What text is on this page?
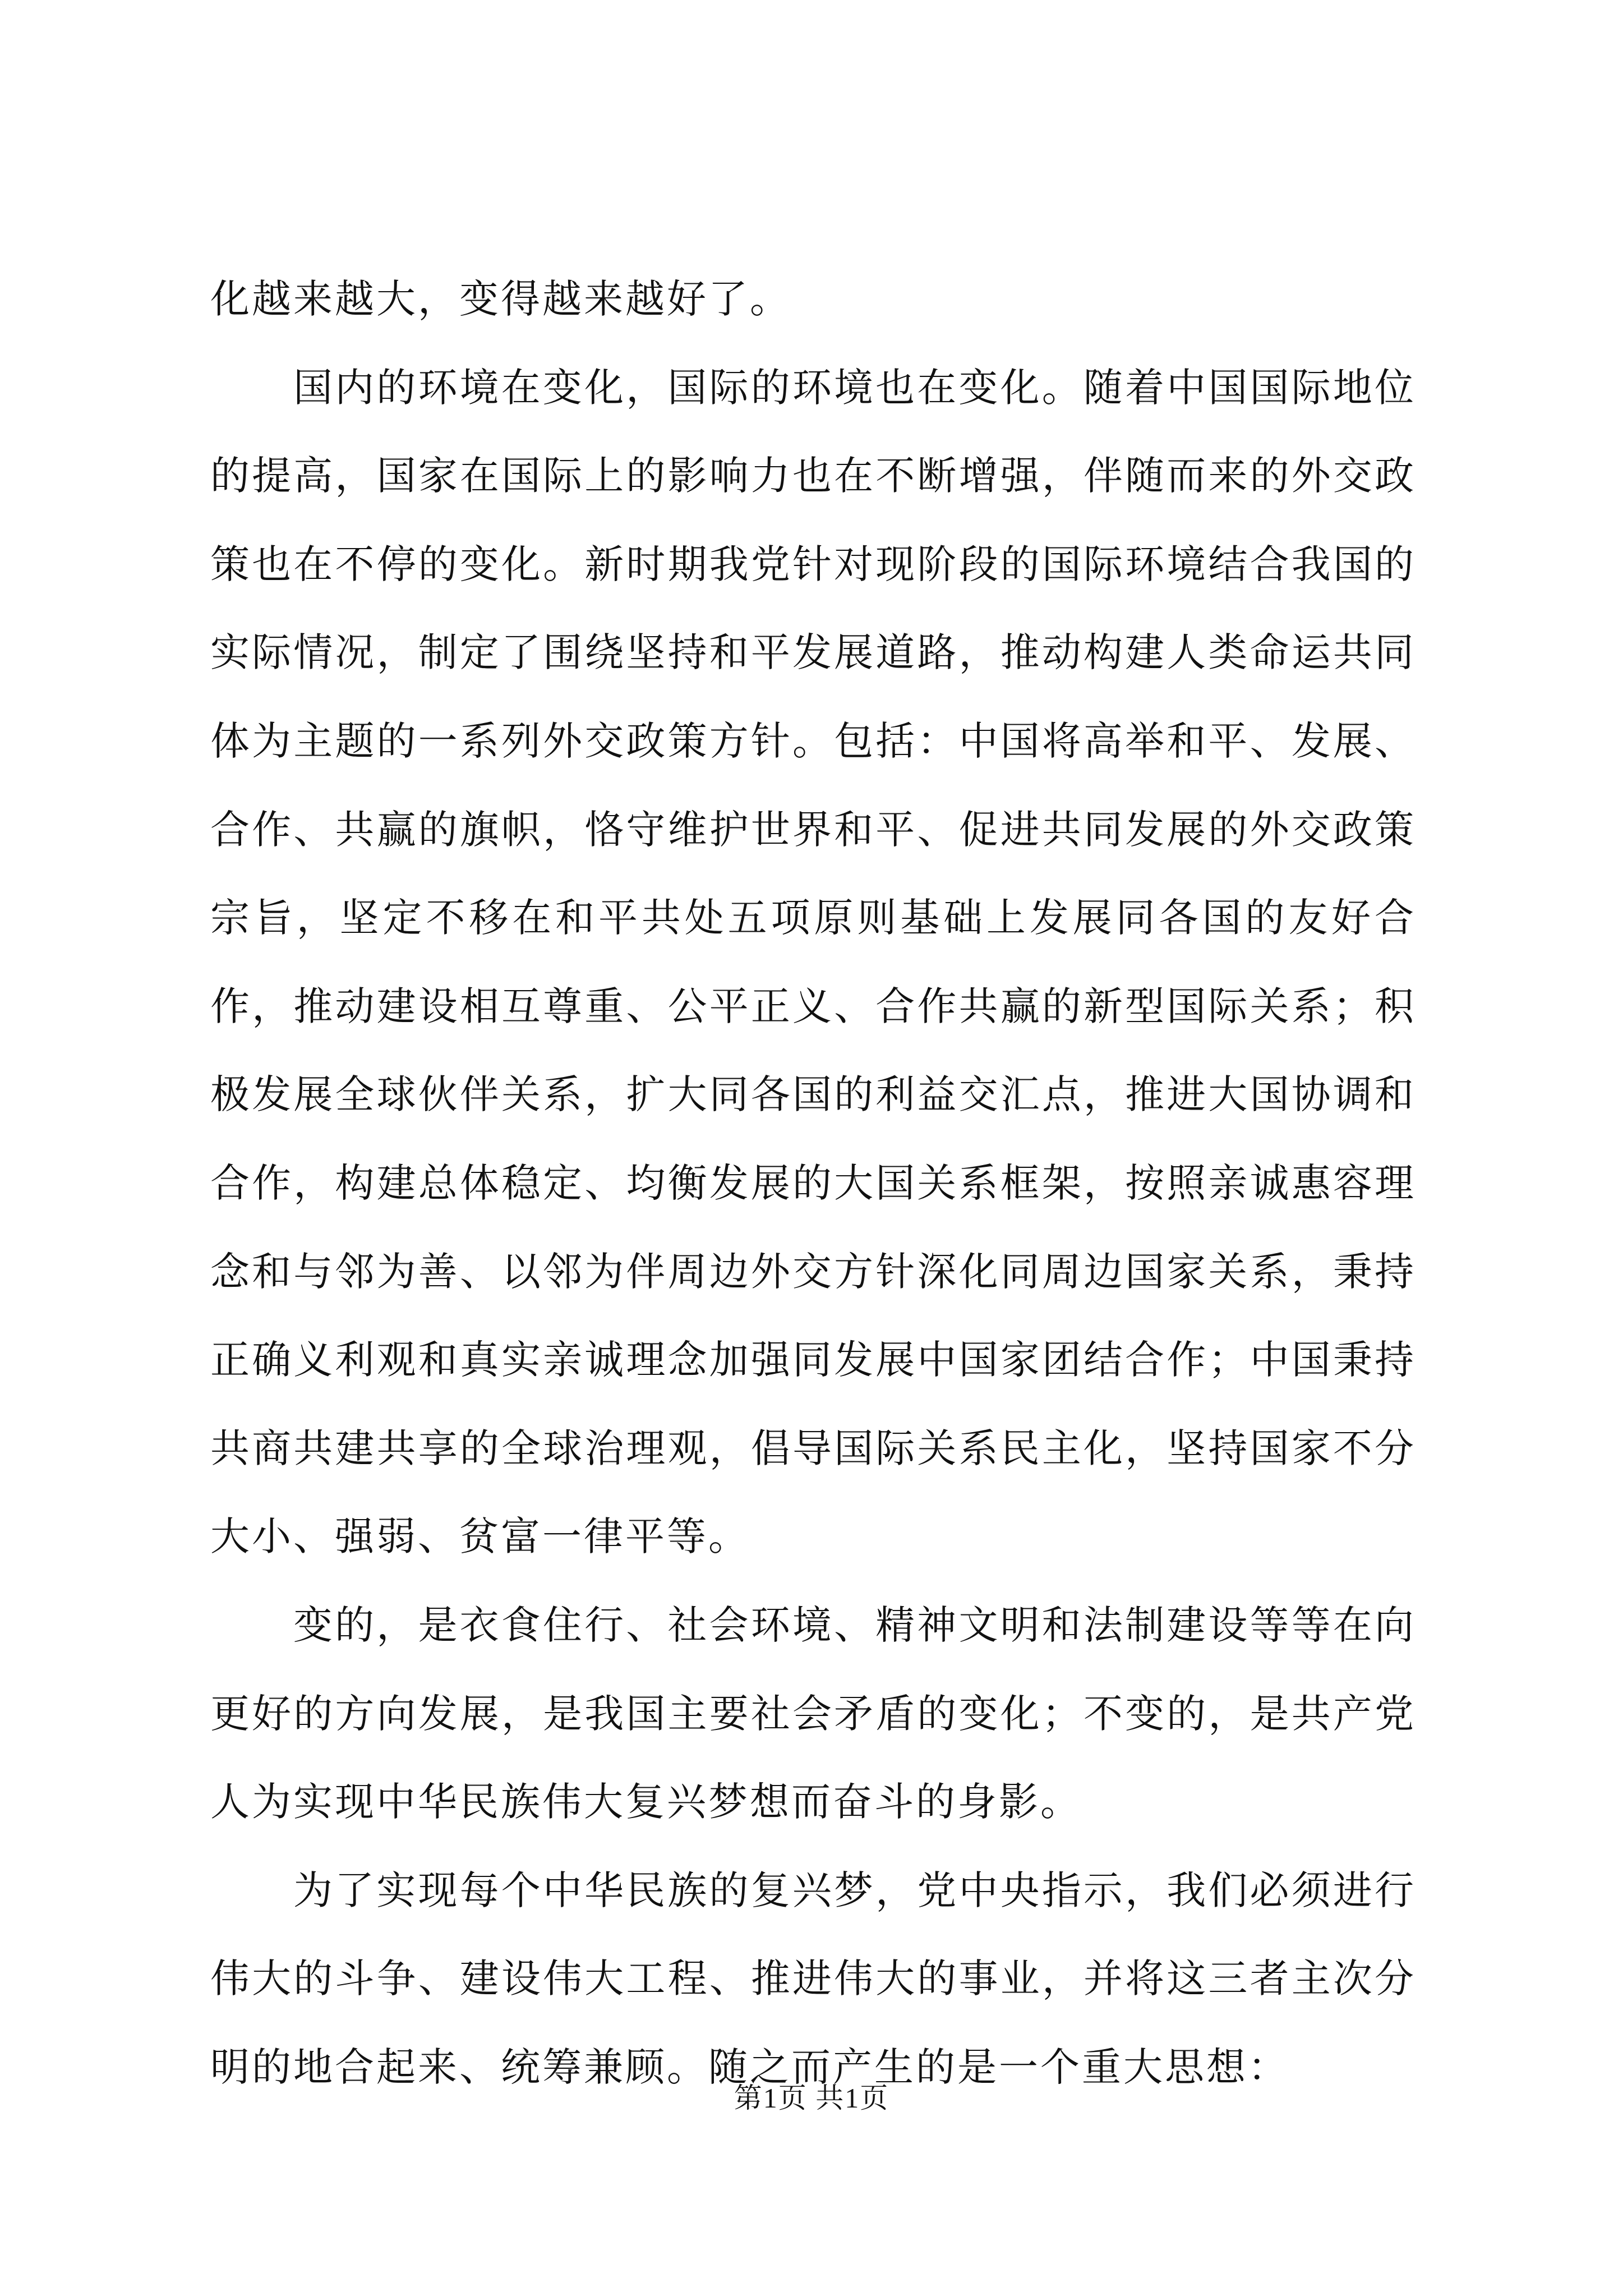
化越来越大，变得越来越好了。

国内的环境在变化，国际的环境也在变化。随着中国国际地位的提高，国家在国际上的影响力也在不断增强，伴随而来的外交政策也在不停的变化。新时期我党针对现阶段的国际环境结合我国的实际情况，制定了围绕坚持和平发展道路，推动构建人类命运共同体为主题的一系列外交政策方针。包括：中国将高举和平、发展、合作、共赢的旗帜，恪守维护世界和平、促进共同发展的外交政策宗旨，坚定不移在和平共处五项原则基础上发展同各国的友好合作，推动建设相互尊重、公平正义、合作共赢的新型国际关系；积极发展全球伙伴关系，扩大同各国的利益交汇点，推进大国协调和合作，构建总体稳定、均衡发展的大国关系框架，按照亲诚惠容理念和与邻为善、以邻为伴周边外交方针深化同周边国家关系，秉持正确义利观和真实亲诚理念加强同发展中国家团结合作；中国秉持共商共建共享的全球治理观，倡导国际关系民主化，坚持国家不分大小、强弱、贫富一律平等。

变的，是衣食住行、社会环境、精神文明和法制建设等等在向更好的方向发展，是我国主要社会矛盾的变化；不变的，是共产党人为实现中华民族伟大复兴梦想而奋斗的身影。

为了实现每个中华民族的复兴梦，党中央指示，我们必须进行伟大的斗争、建设伟大工程、推进伟大的事业，并将这三者主次分明的地合起来、统筹兼顾。随之而产生的是一个重大思想：

第1页 共1页
